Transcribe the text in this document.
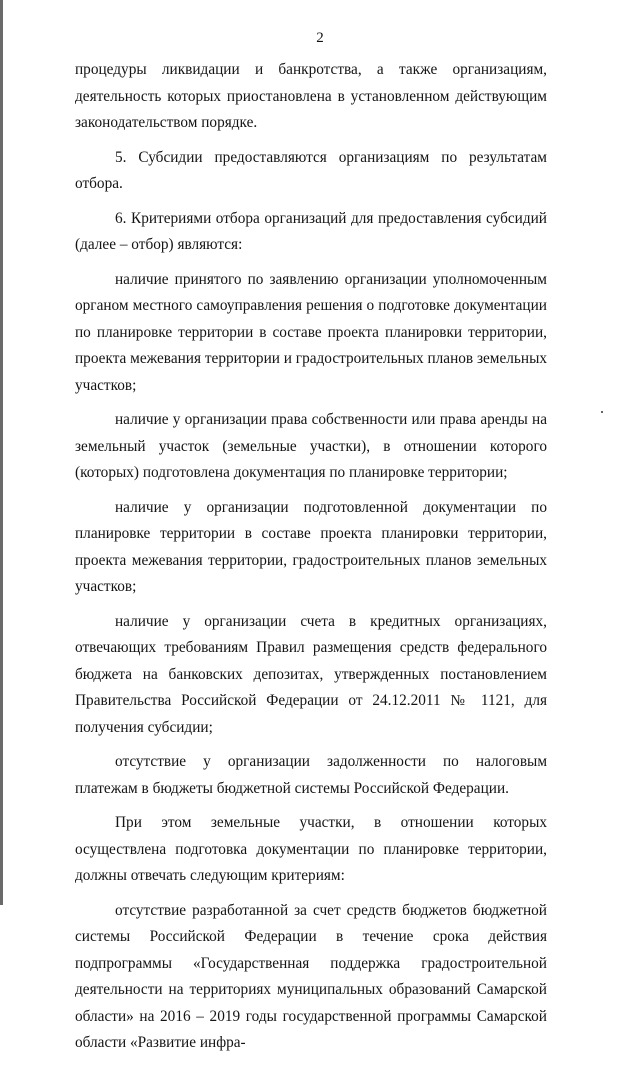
2

процедуры ликвидации и банкротства, а также организациям, деятельность которых приостановлена в установленном действующим законодательством порядке.

5. Субсидии предоставляются организациям по результатам отбора.

6. Критериями отбора организаций для предоставления субсидий (далее – отбор) являются:

наличие принятого по заявлению организации уполномоченным органом местного самоуправления решения о подготовке документации по планировке территории в составе проекта планировки территории, проекта межевания территории и градостроительных планов земельных участков;

наличие у организации права собственности или права аренды на земельный участок (земельные участки), в отношении которого (которых) подготовлена документация по планировке территории;

наличие у организации подготовленной документации по планировке территории в составе проекта планировки территории, проекта межевания территории, градостроительных планов земельных участков;

наличие у организации счета в кредитных организациях, отвечающих требованиям Правил размещения средств федерального бюджета на банковских депозитах, утвержденных постановлением Правительства Российской Федерации от 24.12.2011 № 1121, для получения субсидии;

отсутствие у организации задолженности по налоговым платежам в бюджеты бюджетной системы Российской Федерации.

При этом земельные участки, в отношении которых осуществлена подготовка документации по планировке территории, должны отвечать следующим критериям:

отсутствие разработанной за счет средств бюджетов бюджетной системы Российской Федерации в течение срока действия подпрограммы «Государственная поддержка градостроительной деятельности на территориях муниципальных образований Самарской области» на 2016 – 2019 годы государственной программы Самарской области «Развитие инфра-
